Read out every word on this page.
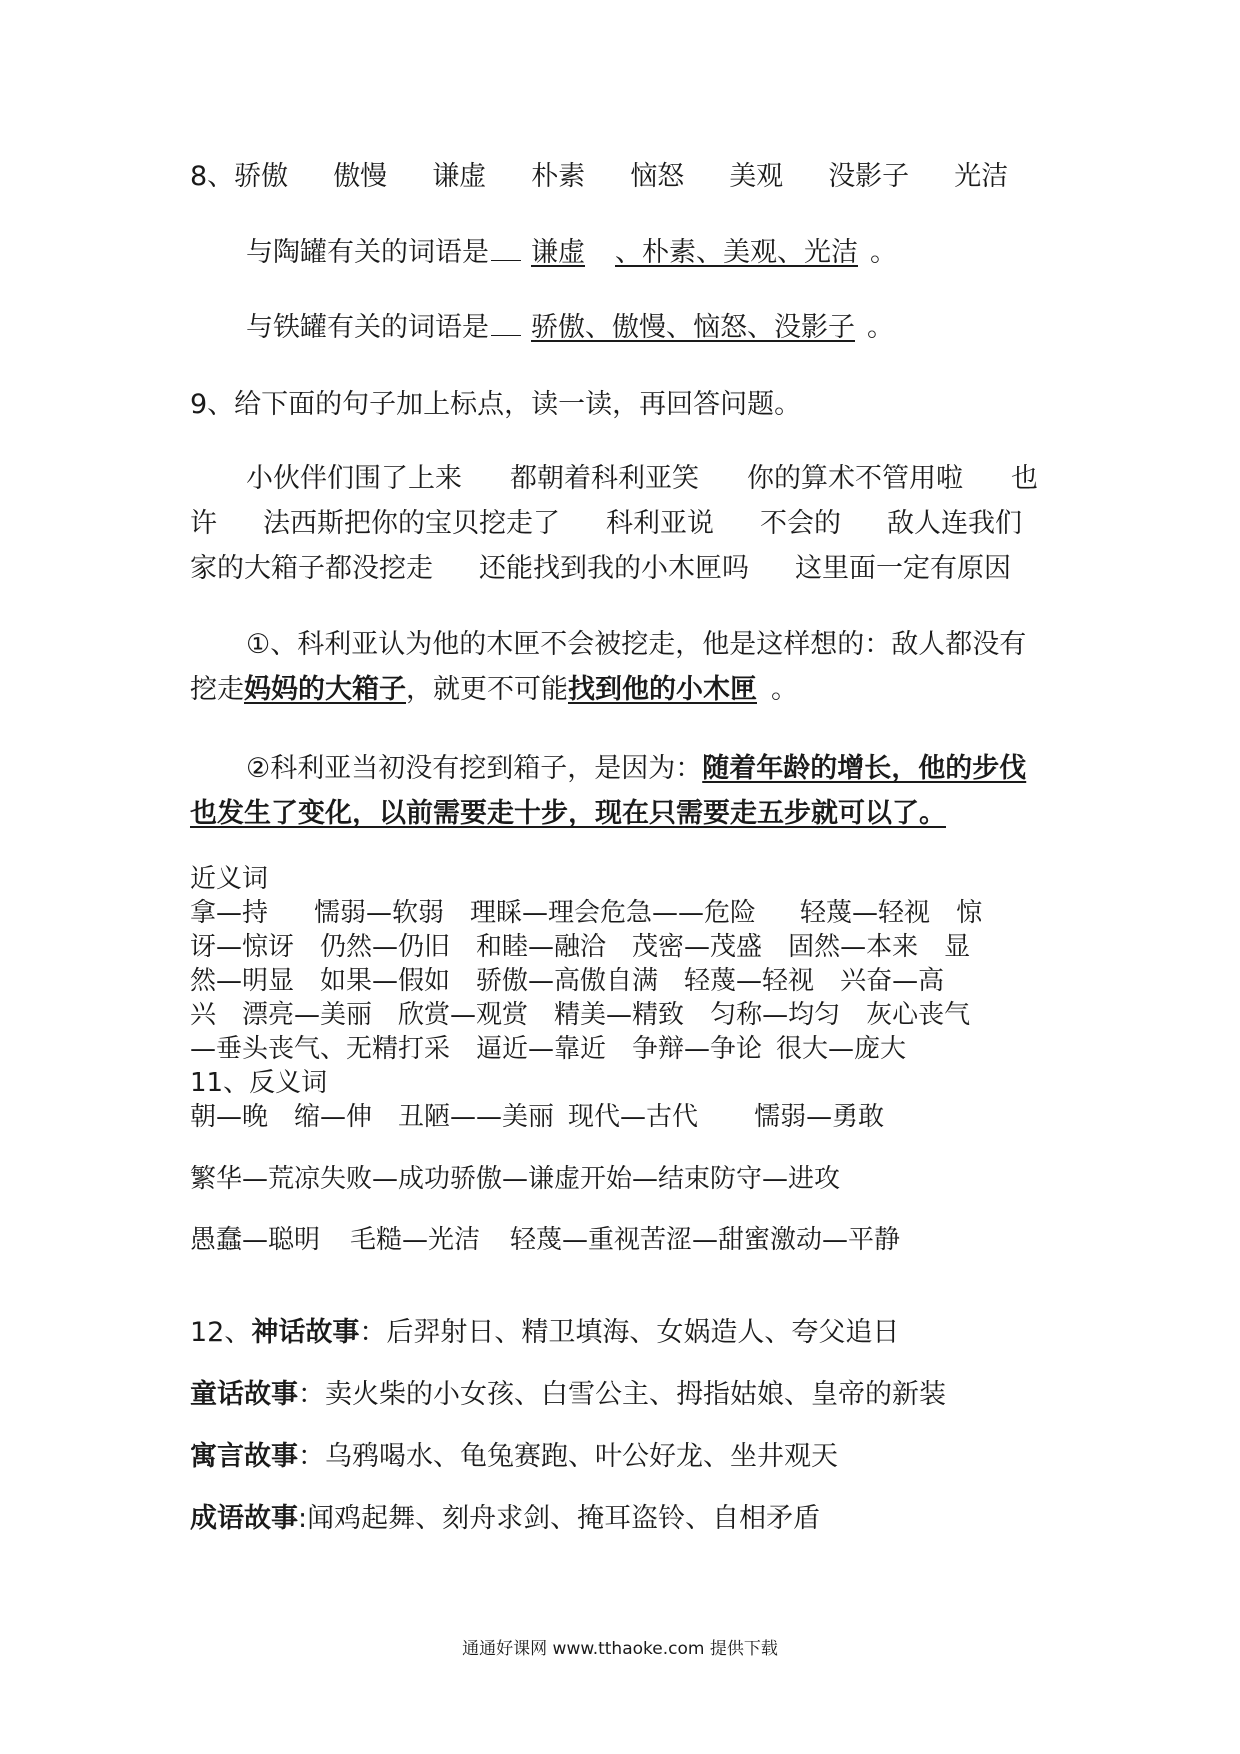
8、骄傲 傲慢 谦虚 朴素 恼怒 美观 没影子 光洁
与陶罐有关的词语是 谦虚 、朴素、美观、光洁 。
与铁罐有关的词语是 骄傲、傲慢、恼怒、没影子 。
9、给下面的句子加上标点，读一读，再回答问题。
小伙伴们围了上来 都朝着科利亚笑 你的算术不管用啦 也
许 法西斯把你的宝贝挖走了 科利亚说 不会的 敌人连我们
家的大箱子都没挖走 还能找到我的小木匣吗 这里面一定有原因
①、科利亚认为他的木匣不会被挖走，他是这样想的：敌人都没有
挖走妈妈的大箱子，就更不可能找到他的小木匣 。
②科利亚当初没有挖到箱子，是因为：随着年龄的增长，他的步伐
也发生了变化，以前需要走十步，现在只需要走五步就可以了。
近义词
拿—持 懦弱—软弱 理睬—理会危急——危险 轻蔑—轻视 惊
讶—惊讶 仍然—仍旧 和睦—融洽 茂密—茂盛 固然—本来 显
然—明显 如果—假如 骄傲—高傲自满 轻蔑—轻视 兴奋—高
兴 漂亮—美丽 欣赏—观赏 精美—精致 匀称—均匀 灰心丧气
—垂头丧气、无精打采 逼近—靠近 争辩—争论 很大—庞大
11、反义词
朝—晚 缩—伸 丑陋——美丽 现代—古代 懦弱—勇敢
繁华—荒凉失败—成功骄傲—谦虚开始—结束防守—进攻
愚蠢—聪明 毛糙—光洁 轻蔑—重视苦涩—甜蜜激动—平静
12、神话故事：后羿射日、精卫填海、女娲造人、夸父追日
童话故事：卖火柴的小女孩、白雪公主、拇指姑娘、皇帝的新装
寓言故事：乌鸦喝水、龟兔赛跑、叶公好龙、坐井观天
成语故事:闻鸡起舞、刻舟求剑、掩耳盗铃、自相矛盾
通通好课网 www.tthaoke.com 提供下载
